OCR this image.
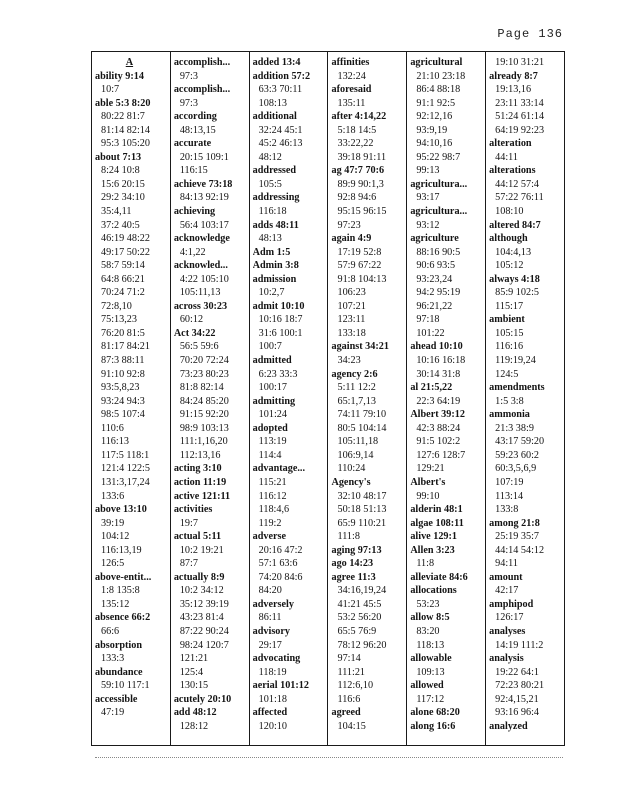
Page 136
A
ability 9:14
10:7
able 5:3 8:20
80:22 81:7
81:14 82:14
95:3 105:20
about 7:13
8:24 10:8
15:6 20:15
29:2 34:10
35:4,11
37:2 40:5
46:19 48:22
49:17 50:22
58:7 59:14
64:8 66:21
70:24 71:2
72:8,10
75:13,23
76:20 81:5
81:17 84:21
87:3 88:11
91:10 92:8
93:5,8,23
93:24 94:3
98:5 107:4
110:6
116:13
117:5 118:1
121:4 122:5
131:3,17,24
133:6
above 13:10
39:19
104:12
116:13,19
126:5
above-entit...
1:8 135:8
135:12
absence 66:2
66:6
absorption
133:3
abundance
59:10 117:1
accessible
47:19
accomplish...
97:3
accomplish...
97:3
according
48:13,15
accurate
20:15 109:1
116:15
achieve 73:18
84:13 92:19
achieving
56:4 103:17
acknowledge
4:1,22
acknowled...
4:22 105:10
105:11,13
across 30:23
60:12
Act 34:22
56:5 59:6
70:20 72:24
73:23 80:23
81:8 82:14
84:24 85:20
91:15 92:20
98:9 103:13
111:1,16,20
112:13,16
acting 3:10
action 11:19
active 121:11
activities
19:7
actual 5:11
10:2 19:21
87:7
actually 8:9
10:2 34:12
35:12 39:19
43:23 81:4
87:22 90:24
98:24 120:7
121:21
125:4
130:15
acutely 20:10
add 48:12
128:12
added 13:4
addition 57:2
63:3 70:11
108:13
additional
32:24 45:1
45:2 46:13
48:12
addressed
105:5
addressing
116:18
adds 48:11
48:13
Adm 1:5
Admin 3:8
admission
10:2,7
admit 10:10
10:16 18:7
31:6 100:1
100:7
admitted
6:23 33:3
100:17
admitting
101:24
adopted
113:19
114:4
advantage...
115:21
116:12
118:4,6
119:2
adverse
20:16 47:2
57:1 63:6
74:20 84:6
84:20
adversely
86:11
advisory
29:17
advocating
118:19
aerial 101:12
101:18
affected
120:10
affinities
132:24
aforesaid
135:11
after 4:14,22
5:18 14:5
33:22,22
39:18 91:11
ag 47:7 70:6
89:9 90:1,3
92:8 94:6
95:15 96:15
97:23
again 4:9
17:19 52:8
57:9 67:22
91:8 104:13
106:23
107:21
123:11
133:18
against 34:21
34:23
agency 2:6
5:11 12:2
65:1,7,13
74:11 79:10
80:5 104:14
105:11,18
106:9,14
110:24
Agency's
32:10 48:17
50:18 51:13
65:9 110:21
111:8
aging 97:13
ago 14:23
agree 11:3
34:16,19,24
41:21 45:5
53:2 56:20
65:5 76:9
78:12 96:20
97:14
111:21
112:6,10
116:6
agreed
104:15
agricultural
21:10 23:18
86:4 88:18
91:1 92:5
92:12,16
93:9,19
94:10,16
95:22 98:7
99:13
agricultura...
93:17
agricultura...
93:12
agriculture
88:16 90:5
90:6 93:5
93:23,24
94:2 95:19
96:21,22
97:18
101:22
ahead 10:10
10:16 16:18
30:14 31:8
al 21:5,22
22:3 64:19
Albert 39:12
42:3 88:24
91:5 102:2
127:6 128:7
129:21
Albert's
99:10
alderin 48:1
algae 108:11
alive 129:1
Allen 3:23
11:8
alleviate 84:6
allocations
53:23
allow 8:5
83:20
118:13
allowable
109:13
allowed
117:12
alone 68:20
along 16:6
19:10 31:21
already 8:7
19:13,16
23:11 33:14
51:24 61:14
64:19 92:23
alteration
44:11
alterations
44:12 57:4
57:22 76:11
108:10
altered 84:7
although
104:4,13
105:12
always 4:18
85:9 102:5
115:17
ambient
105:15
116:16
119:19,24
124:5
amendments
1:5 3:8
ammonia
21:3 38:9
43:17 59:20
59:23 60:2
60:3,5,6,9
107:19
113:14
133:8
among 21:8
25:19 35:7
44:14 54:12
94:11
amount
42:17
amphipod
126:17
analyses
14:19 111:2
analysis
19:22 64:1
72:23 80:21
92:4,15,21
93:16 96:4
analyzed
